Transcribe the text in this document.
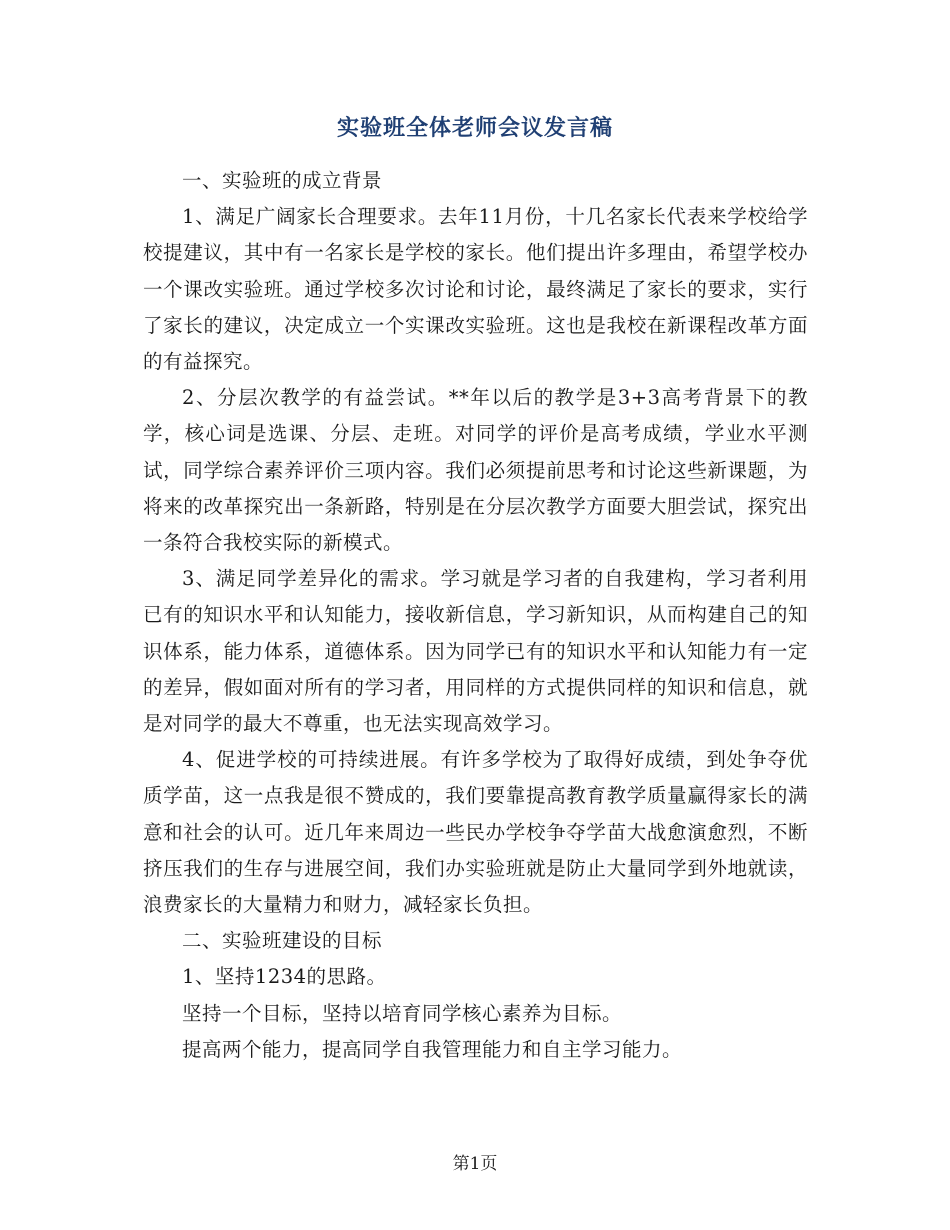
实验班全体老师会议发言稿

一、实验班的成立背景

1、满足广阔家长合理要求。去年11月份，十几名家长代表来学校给学校提建议，其中有一名家长是学校的家长。他们提出许多理由，希望学校办一个课改实验班。通过学校多次讨论和讨论，最终满足了家长的要求，实行了家长的建议，决定成立一个实课改实验班。这也是我校在新课程改革方面的有益探究。

2、分层次教学的有益尝试。**年以后的教学是3+3高考背景下的教学，核心词是选课、分层、走班。对同学的评价是高考成绩，学业水平测试，同学综合素养评价三项内容。我们必须提前思考和讨论这些新课题，为将来的改革探究出一条新路，特别是在分层次教学方面要大胆尝试，探究出一条符合我校实际的新模式。

3、满足同学差异化的需求。学习就是学习者的自我建构，学习者利用已有的知识水平和认知能力，接收新信息，学习新知识，从而构建自己的知识体系，能力体系，道德体系。因为同学已有的知识水平和认知能力有一定的差异，假如面对所有的学习者，用同样的方式提供同样的知识和信息，就是对同学的最大不尊重，也无法实现高效学习。

4、促进学校的可持续进展。有许多学校为了取得好成绩，到处争夺优质学苗，这一点我是很不赞成的，我们要靠提高教育教学质量赢得家长的满意和社会的认可。近几年来周边一些民办学校争夺学苗大战愈演愈烈，不断挤压我们的生存与进展空间，我们办实验班就是防止大量同学到外地就读，浪费家长的大量精力和财力，减轻家长负担。

二、实验班建设的目标

1、坚持1234的思路。

坚持一个目标，坚持以培育同学核心素养为目标。

提高两个能力，提高同学自我管理能力和自主学习能力。

第1页
